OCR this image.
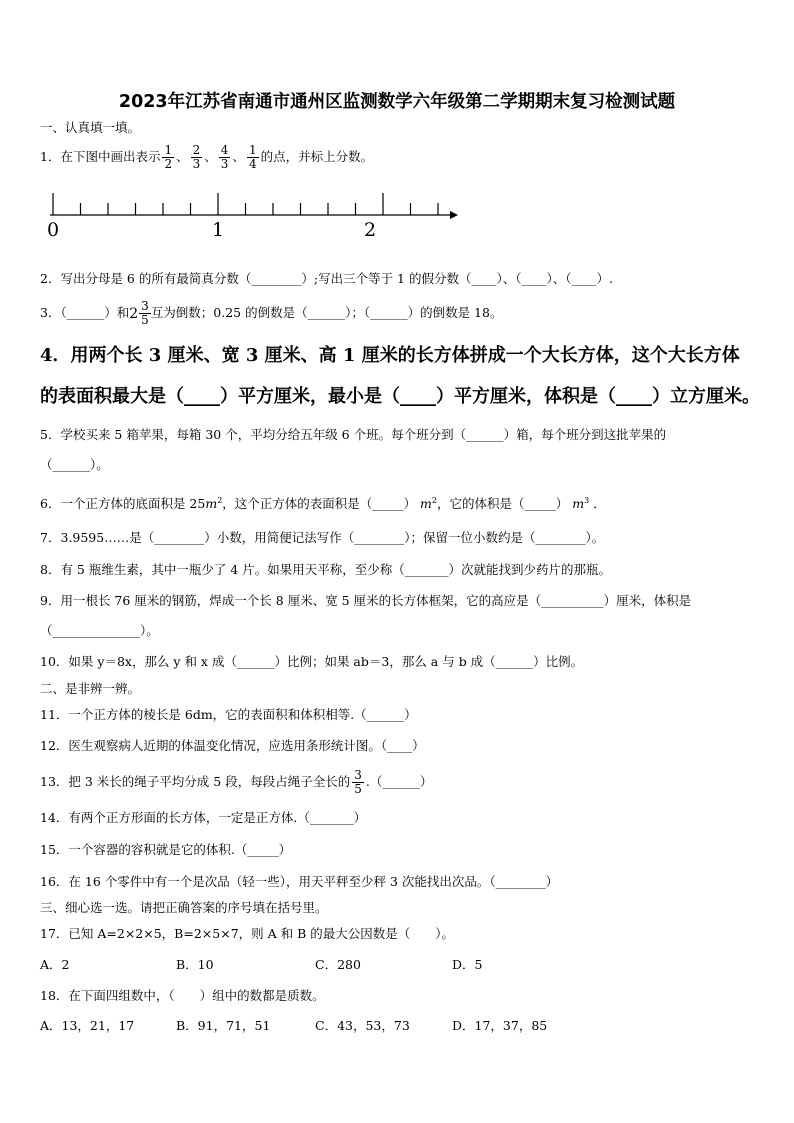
2023年江苏省南通市通州区监测数学六年级第二学期期末复习检测试题
一、认真填一填。
1．在下图中画出表示 $\frac{1}{2}$ 、 $\frac{2}{3}$ 、 $\frac{4}{3}$ 、 $\frac{1}{4}$ 的点，并标上分数。
0	1	2
2．写出分母是 6 的所有最简真分数（________）;写出三个等于 1 的假分数（____）、（____）、（____）.
3．（______）和 $2 \frac{3}{5}$ 互为倒数；0.25 的倒数是（______）；（______）的倒数是 18。
4．用两个长 3 厘米、宽 3 厘米、高 1 厘米的长方体拼成一个大长方体，这个大长方体
的表面积最大是（____）平方厘米，最小是（____）平方厘米，体积是（____）立方厘米。
5．学校买来 5 箱苹果，每箱 30 个，平均分给五年级 6 个班。每个班分到（______）箱，每个班分到这批苹果的
（______）。
6．一个正方体的底面积是 $25m^2$，这个正方体的表面积是（_____） $m^2$，它的体积是（_____） $m^3$ ．
7．3.9595……是（________）小数，用简便记法写作（________）；保留一位小数约是（________）。
8．有 5 瓶维生素，其中一瓶少了 4 片。如果用天平称，至少称（_______）次就能找到少药片的那瓶。
9．用一根长 76 厘米的钢筋，焊成一个长 8 厘米、宽 5 厘米的长方体框架，它的高应是（__________）厘米，体积是
（______________）。
10．如果 y＝8x，那么 y 和 x 成（______）比例；如果 ab＝3，那么 a 与 b 成（______）比例。
二、是非辨一辨。
11．一个正方体的棱长是 6dm，它的表面积和体积相等.（______）
12．医生观察病人近期的体温变化情况，应选用条形统计图。（____）
13．把 3 米长的绳子平均分成 5 段，每段占绳子全长的 $\frac{3}{5}$ .（______）
14．有两个正方形面的长方体，一定是正方体.（_______）
15．一个容器的容积就是它的体积.（_____）
16．在 16 个零件中有一个是次品（轻一些），用天平秤至少秤 3 次能找出次品。（________）
三、细心选一选。请把正确答案的序号填在括号里。
17．已知 A=2×2×5，B=2×5×7，则 A 和 B 的最大公因数是（　　）。
A．2	B．10	C．280	D．5
18．在下面四组数中，（　　）组中的数都是质数。
A．13，21，17	B．91，71，51	C．43，53，73	D．17，37，85
